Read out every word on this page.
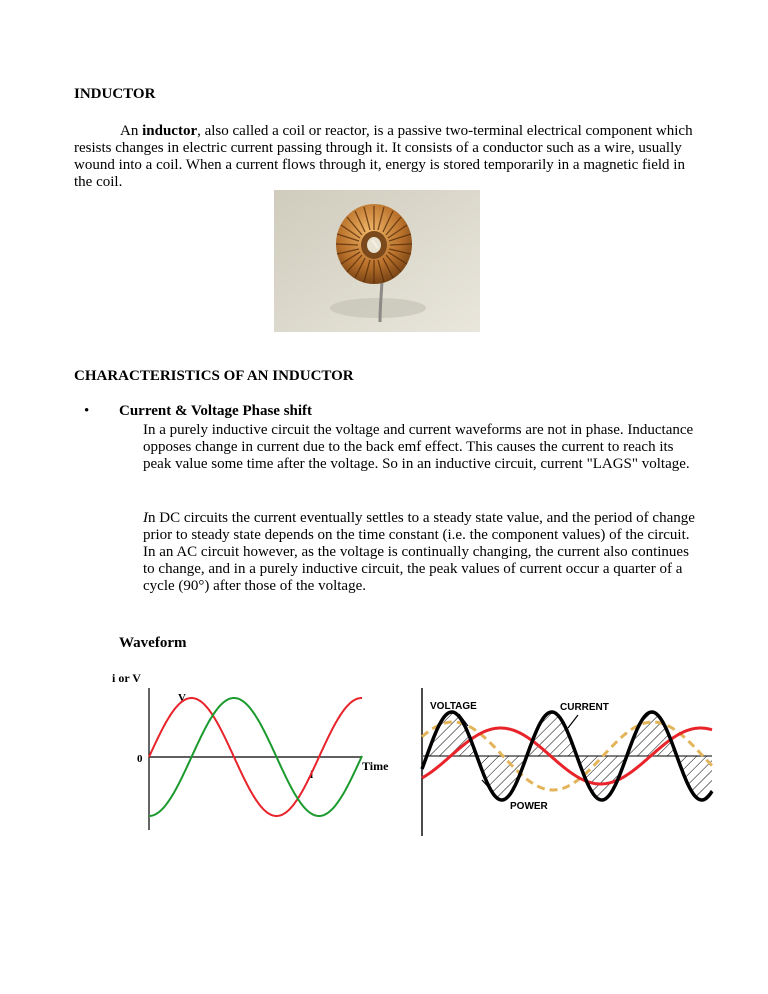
INDUCTOR

An inductor, also called a coil or reactor, is a passive two-terminal electrical component which resists changes in electric current passing through it. It consists of a conductor such as a wire, usually wound into a coil. When a current flows through it, energy is stored temporarily in a magnetic field in the coil.

CHARACTERISTICS OF AN INDUCTOR
• Current & Voltage Phase shift

In a purely inductive circuit the voltage and current waveforms are not in phase. Inductance opposes change in current due to the back emf effect. This causes the current to reach its peak value some time after the voltage. So in an inductive circuit, current "LAGS" voltage.

In DC circuits the current eventually settles to a steady state value, and the period of change prior to steady state depends on the time constant (i.e. the component values) of the circuit. In an AC circuit however, as the voltage is continually changing, the current also continues to change, and in a purely inductive circuit, the peak values of current occur a quarter of a cycle (90°) after those of the voltage.

Waveform
i or V
0	Time
V
i
VOLTAGE	CURRENT
POWER
